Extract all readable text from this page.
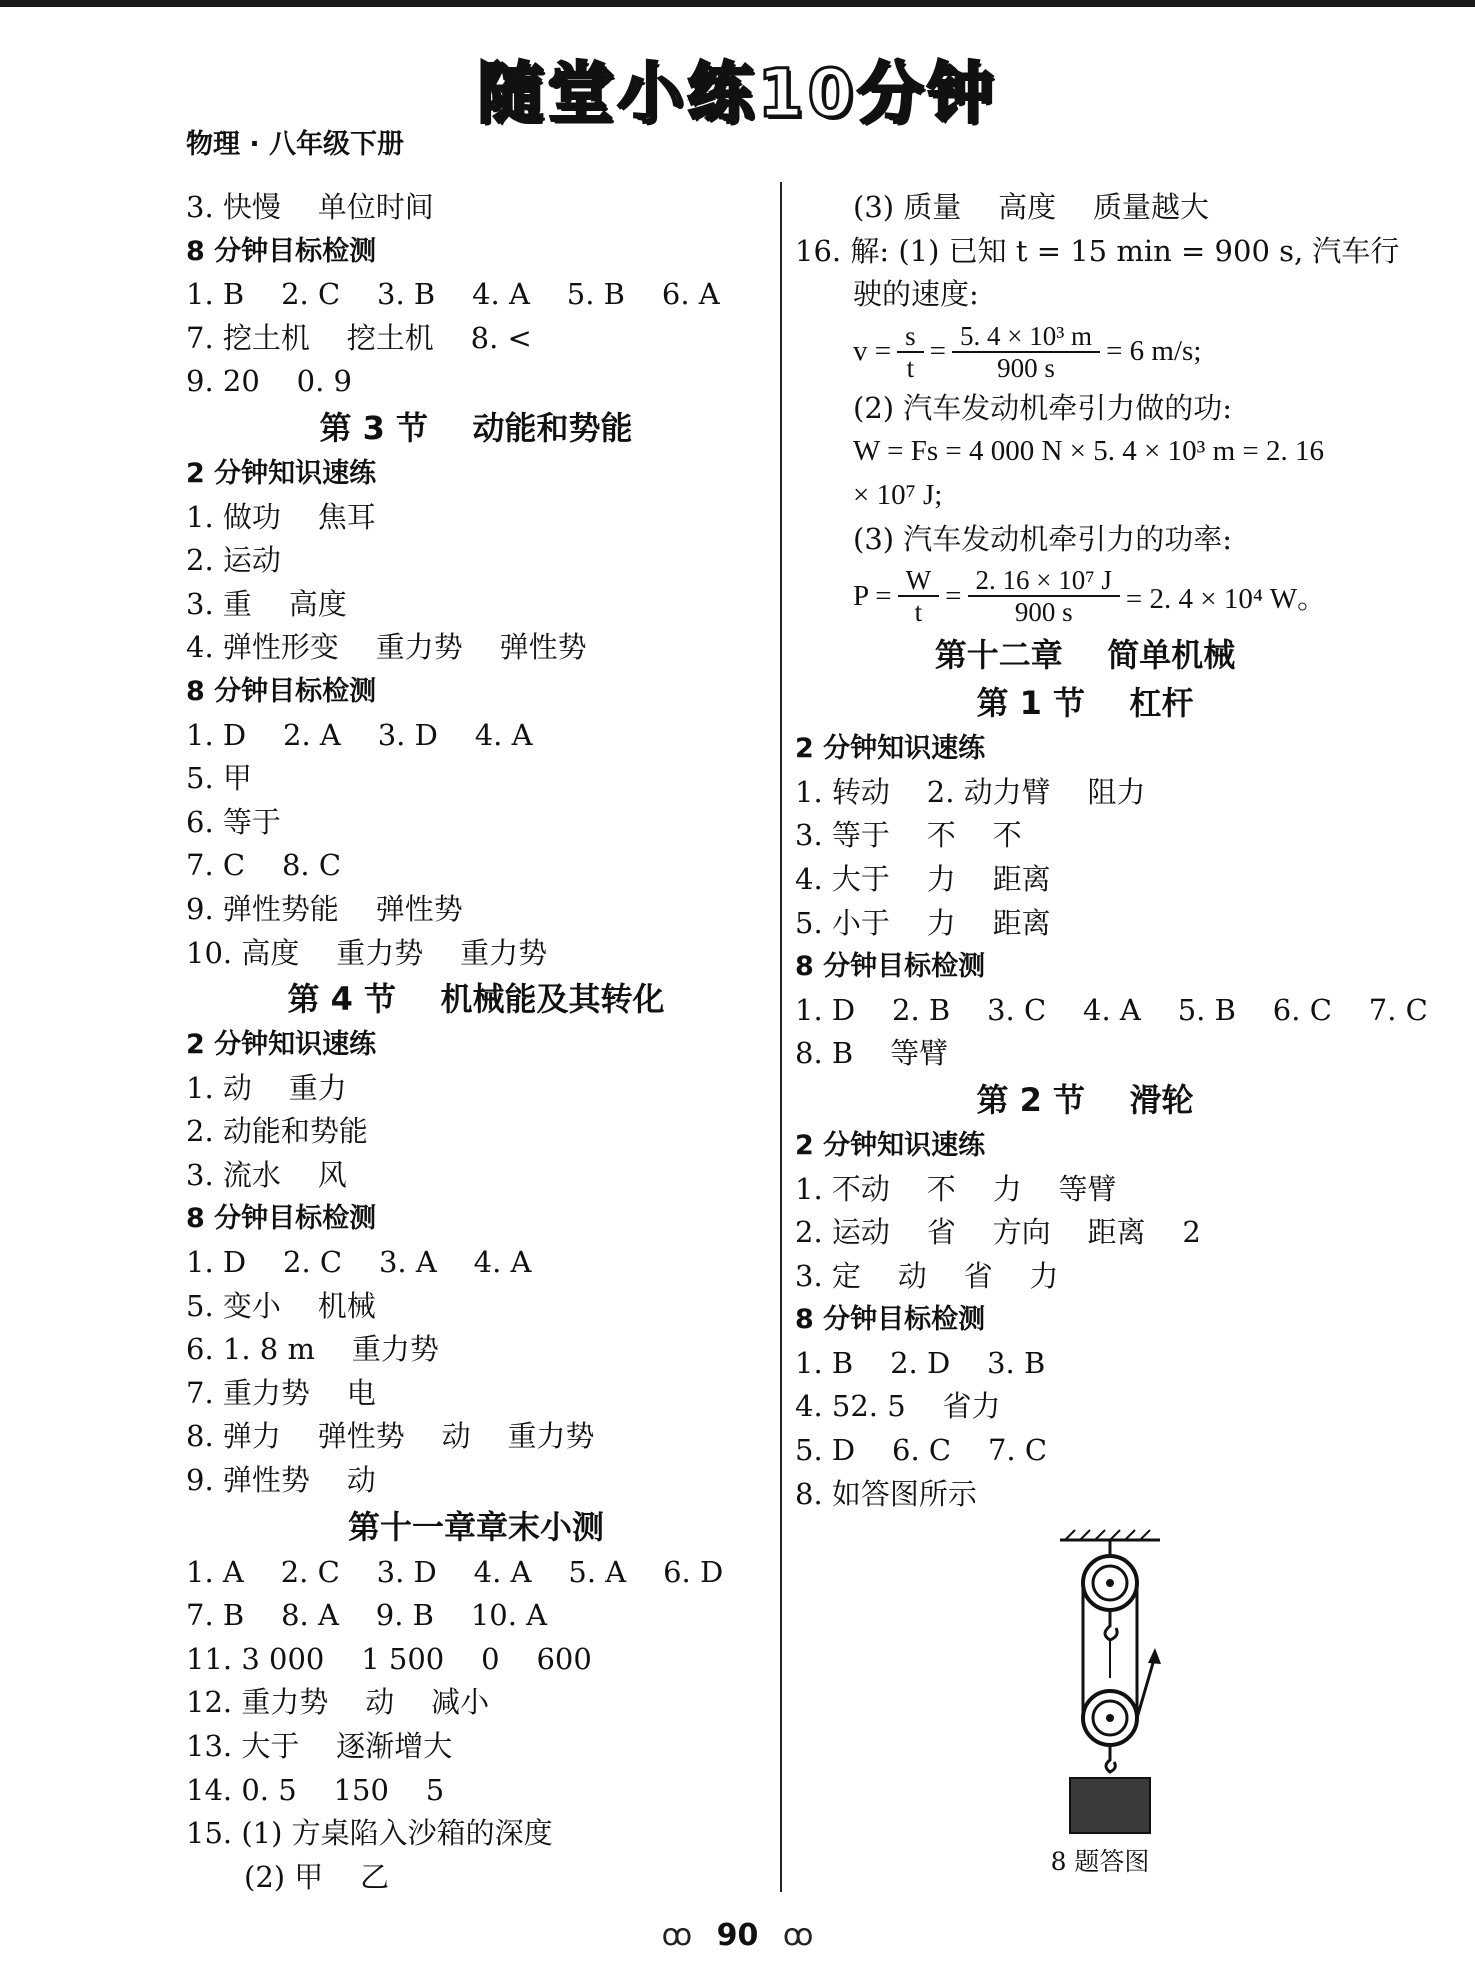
随堂小练10分钟
物理 · 八年级下册
3. 快慢    单位时间
8 分钟目标检测
1. B    2. C    3. B    4. A    5. B    6. A
7. 挖土机    挖土机    8. <
9. 20    0. 9
第 3 节    动能和势能
2 分钟知识速练
1. 做功    焦耳
2. 运动
3. 重    高度
4. 弹性形变    重力势    弹性势
8 分钟目标检测
1. D    2. A    3. D    4. A
5. 甲
6. 等于
7. C    8. C
9. 弹性势能    弹性势
10. 高度    重力势    重力势
第 4 节    机械能及其转化
2 分钟知识速练
1. 动    重力
2. 动能和势能
3. 流水    风
8 分钟目标检测
1. D    2. C    3. A    4. A
5. 变小    机械
6. 1. 8 m    重力势
7. 重力势    电
8. 弹力    弹性势    动    重力势
9. 弹性势    动
第十一章章末小测
1. A    2. C    3. D    4. A    5. A    6. D
7. B    8. A    9. B    10. A
11. 3 000    1 500    0    600
12. 重力势    动    减小
13. 大于    逐渐增大
14. 0. 5    150    5
15. (1) 方桌陷入沙箱的深度
(2) 甲    乙
(3) 质量    高度    质量越大
16. 解: (1) 已知 t = 15 min = 900 s, 汽车行
驶的速度:
$v = \frac{s}{t} = \frac{\text{5. 4 × 10³ m}}{900 s} = 6$ m/s;
(2) 汽车发动机牵引力做的功:
W = Fs = 4 000 N × 5. 4 × 10³ m = 2. 16
× 10⁷ J;
(3) 汽车发动机牵引力的功率:
$P = \frac{W}{t} = \frac{\text{2. 16 × 10⁷ J}}{900 s} = 2$. 4 × 10⁴ W。
第十二章    简单机械
第 1 节    杠杆
2 分钟知识速练
1. 转动    2. 动力臂    阻力
3. 等于    不    不
4. 大于    力    距离
5. 小于    力    距离
8 分钟目标检测
1. D    2. B    3. C    4. A    5. B    6. C    7. C
8. B    等臂
第 2 节    滑轮
2 分钟知识速练
1. 不动    不    力    等臂
2. 运动    省    方向    距离    2
3. 定    动    省    力
8 分钟目标检测
1. B    2. D    3. B
4. 52. 5    省力
5. D    6. C    7. C
8. 如答图所示
8 题答图
ꝏ 90 ꝏ
